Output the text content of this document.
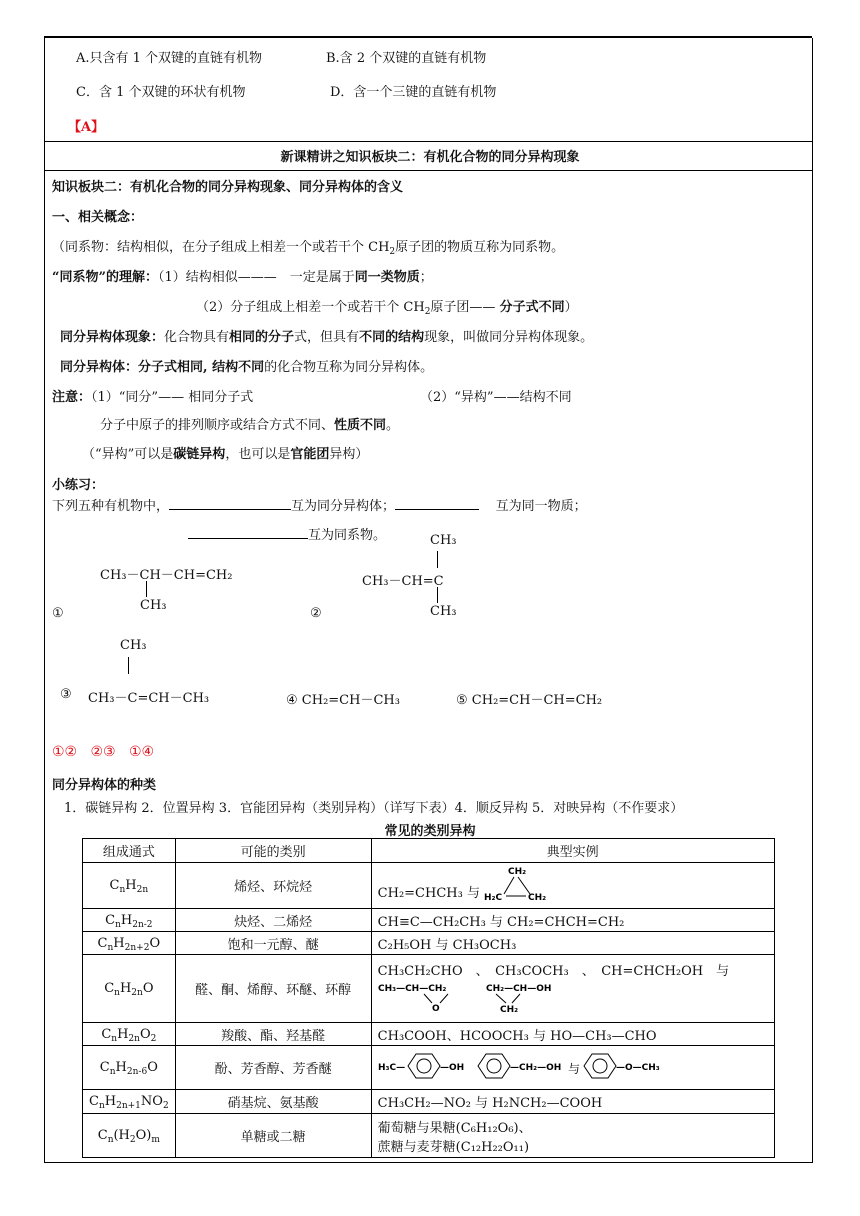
A.只含有 1 个双键的直链有机物	B.含 2 个双键的直链有机物
C．含 1 个双键的环状有机物	D．含一个三键的直链有机物
【A】
新课精讲之知识板块二：有机化合物的同分异构现象
知识板块二：有机化合物的同分异构现象、同分异构体的含义
一、相关概念：
（同系物：结构相似，在分子组成上相差一个或若干个 $CH_2$原子团的物质互称为同系物。
“同系物”的理解：（1）结构相似———　一定是属于同一类物质；
（2）分子组成上相差一个或若干个 $CH_2$原子团—— 分子式不同）
同分异构体现象：化合物具有相同的分子式，但具有不同的结构现象，叫做同分异构体现象。
同分异构体：分子式相同, 结构不同的化合物互称为同分异构体。
注意：（1）“同分”—— 相同分子式	（2）“异构”——结构不同
分子中原子的排列顺序或结合方式不同、性质不同。
（“异构”可以是碳链异构，也可以是官能团异构）
小练习：
下列五种有机物中，	互为同分异构体；	互为同一物质；
互为同系物。
CH₃－CH－CH=CH₂
CH₃
①
CH₃
CH₃－CH=C
CH₃
②
CH₃
③ CH₃－C=CH－CH₃	④ CH₂=CH－CH₃	⑤ CH₂=CH－CH=CH₂
①② ②③ ①④
同分异构体的种类
1．碳链异构 2．位置异构 3．官能团异构（类别异构）（详写下表）4．顺反异构 5．对映异构（不作要求）
常见的类别异构
组成通式	可能的类别	典型实例
$C_nH_{2n}$	烯烃、环烷烃	CH₂=CHCH₃ 与
CH₂
H₂C CH₂

$C_nH_{2n-2}$	炔烃、二烯烃	CH≡C—CH₂CH₃ 与 CH₂=CHCH=CH₂
$C_nH_{2n+2}O$	饱和一元醇、醚	C₂H₅OH 与 CH₃OCH₃
$C_nH_{2n}O$	醛、酮、烯醇、环醚、环醇	CH₃CH₂CHO　、　CH₃COCH₃　、　CH=CHCH₂OH　与
CH₃—CH—CH₂
O
CH₂—CH—OH
CH₂

$C_nH_{2n}O_2$	羧酸、酯、羟基醛	CH₃COOH、HCOOCH₃ 与 HO—CH₃—CHO
$C_nH_{2n-6}O$	酚、芳香醇、芳香醚	H₃C— —OH —CH₂—OH 与 —O—CH₃

$C_nH_{2n+1}NO_2$	硝基烷、氨基酸	CH₃CH₂—NO₂ 与 H₂NCH₂—COOH
$C_n(H_2O)_m$	单糖或二糖	葡萄糖与果糖(C₆H₁₂O₆)、
蔗糖与麦芽糖(C₁₂H₂₂O₁₁)
